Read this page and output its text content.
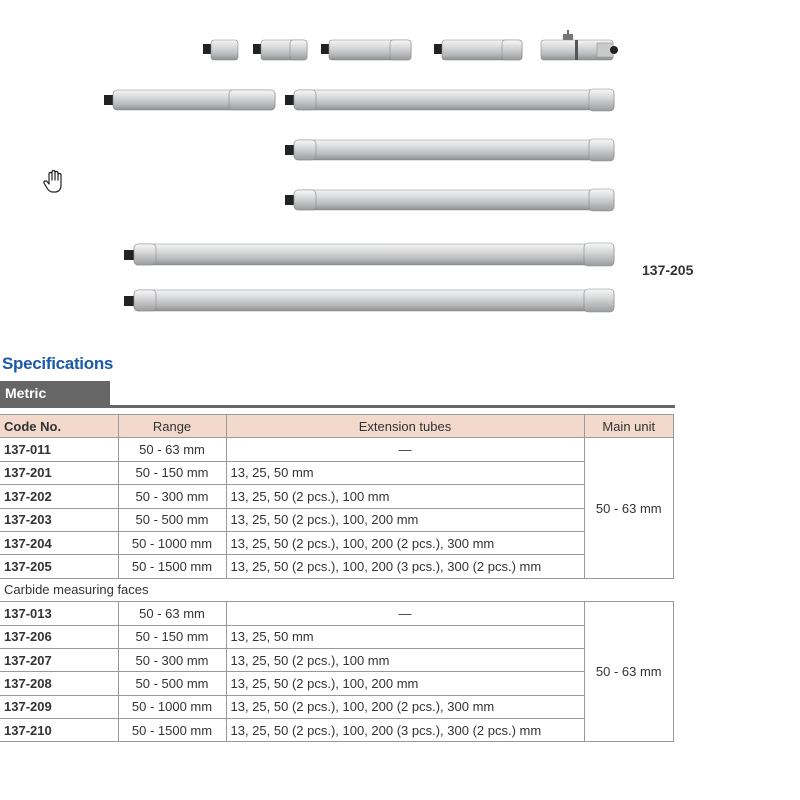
137-205
Specifications
Metric
Code No.	Range	Extension tubes	Main unit
137-011	50 - 63 mm	—	50 - 63 mm
137-201	50 - 150 mm	13, 25, 50 mm	
137-202	50 - 300 mm	13, 25, 50 (2 pcs.), 100 mm	
137-203	50 - 500 mm	13, 25, 50 (2 pcs.), 100, 200 mm	
137-204	50 - 1000 mm	13, 25, 50 (2 pcs.), 100, 200 (2 pcs.), 300 mm	
137-205	50 - 1500 mm	13, 25, 50 (2 pcs.), 100, 200 (3 pcs.), 300 (2 pcs.) mm	
Carbide measuring faces			
137-013	50 - 63 mm	—	50 - 63 mm
137-206	50 - 150 mm	13, 25, 50 mm	
137-207	50 - 300 mm	13, 25, 50 (2 pcs.), 100 mm	
137-208	50 - 500 mm	13, 25, 50 (2 pcs.), 100, 200 mm	
137-209	50 - 1000 mm	13, 25, 50 (2 pcs.), 100, 200 (2 pcs.), 300 mm	
137-210	50 - 1500 mm	13, 25, 50 (2 pcs.), 100, 200 (3 pcs.), 300 (2 pcs.) mm	
